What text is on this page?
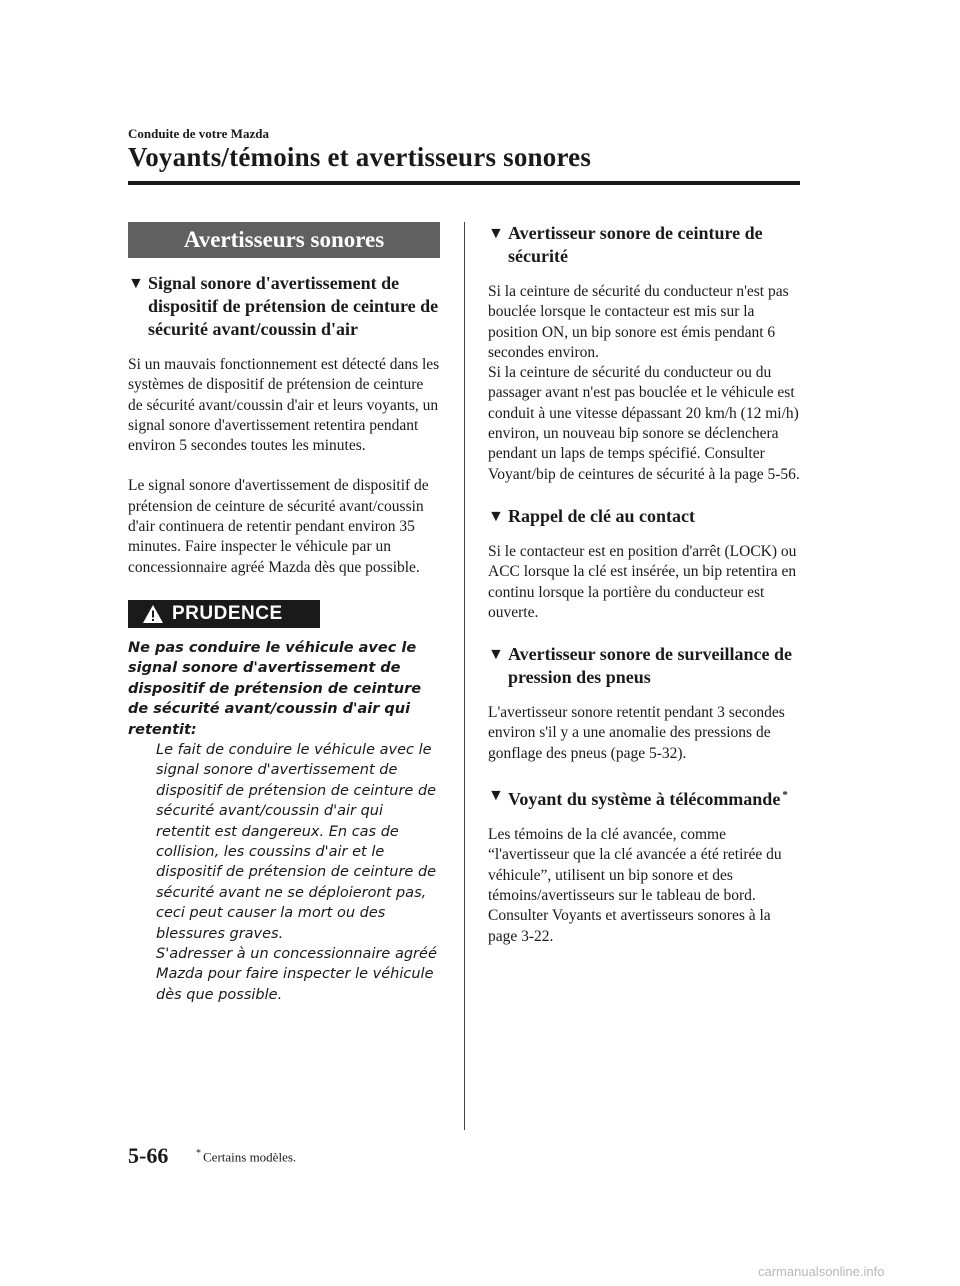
Conduite de votre Mazda
Voyants/témoins et avertisseurs sonores
Avertisseurs sonores
▼ Signal sonore d'avertissement de dispositif de prétension de ceinture de sécurité avant/coussin d'air

Si un mauvais fonctionnement est détecté dans les systèmes de dispositif de prétension de ceinture de sécurité avant/coussin d'air et leurs voyants, un signal sonore d'avertissement retentira pendant environ 5 secondes toutes les minutes.

Le signal sonore d'avertissement de dispositif de prétension de ceinture de sécurité avant/coussin d'air continuera de retentir pendant environ 35 minutes. Faire inspecter le véhicule par un concessionnaire agréé Mazda dès que possible.

PRUDENCE

Ne pas conduire le véhicule avec le signal sonore d'avertissement de dispositif de prétension de ceinture de sécurité avant/coussin d'air qui retentit:

Le fait de conduire le véhicule avec le signal sonore d'avertissement de dispositif de prétension de ceinture de sécurité avant/coussin d'air qui retentit est dangereux. En cas de collision, les coussins d'air et le dispositif de prétension de ceinture de sécurité avant ne se déploieront pas, ceci peut causer la mort ou des blessures graves.

S'adresser à un concessionnaire agréé Mazda pour faire inspecter le véhicule dès que possible.

▼ Avertisseur sonore de ceinture de sécurité

Si la ceinture de sécurité du conducteur n'est pas bouclée lorsque le contacteur est mis sur la position ON, un bip sonore est émis pendant 6 secondes environ.

Si la ceinture de sécurité du conducteur ou du passager avant n'est pas bouclée et le véhicule est conduit à une vitesse dépassant 20 km/h (12 mi/h) environ, un nouveau bip sonore se déclenchera pendant un laps de temps spécifié. Consulter Voyant/bip de ceintures de sécurité à la page 5-56.

▼ Rappel de clé au contact

Si le contacteur est en position d'arrêt (LOCK) ou ACC lorsque la clé est insérée, un bip retentira en continu lorsque la portière du conducteur est ouverte.

▼ Avertisseur sonore de surveillance de pression des pneus

L'avertisseur sonore retentit pendant 3 secondes environ s'il y a une anomalie des pressions de gonflage des pneus (page 5-32).

▼ Voyant du système à télécommande *

Les témoins de la clé avancée, comme “l'avertisseur que la clé avancée a été retirée du véhicule”, utilisent un bip sonore et des témoins/avertisseurs sur le tableau de bord.

Consulter Voyants et avertisseurs sonores à la page 3-22.

5-66	* Certains modèles.
carmanualsonline.info
